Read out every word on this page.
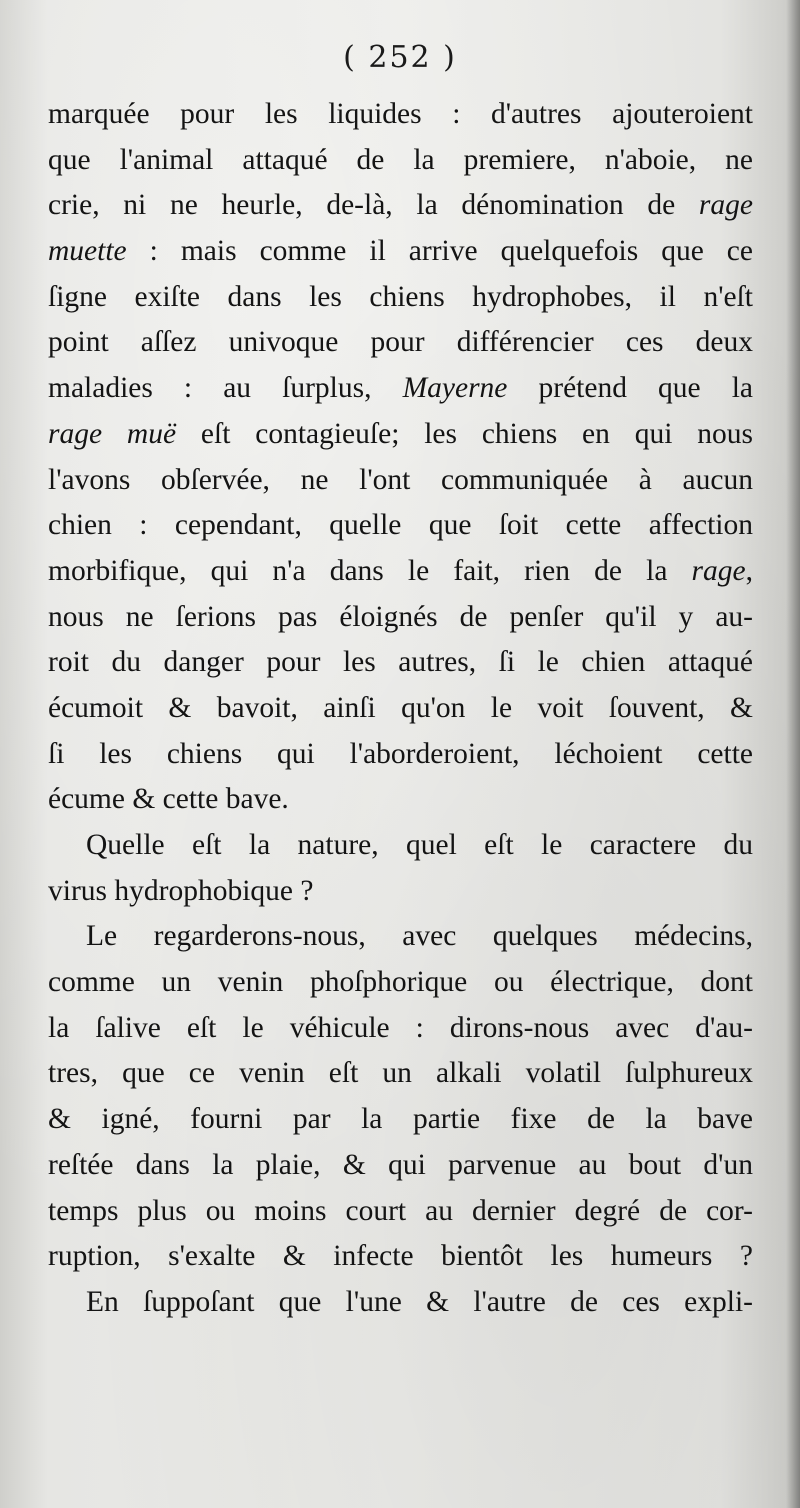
( 252 )
marquée pour les liquides : d'autres ajouteroient
que l'animal attaqué de la premiere, n'aboie, ne
crie, ni ne heurle, de-là, la dénomination de rage
muette : mais comme il arrive quelquefois que ce
ſigne exiſte dans les chiens hydrophobes, il n'eſt
point aſſez univoque pour différencier ces deux
maladies : au ſurplus, Mayerne prétend que la
rage muë eſt contagieuſe; les chiens en qui nous
l'avons obſervée, ne l'ont communiquée à aucun
chien : cependant, quelle que ſoit cette affection
morbifique, qui n'a dans le fait, rien de la rage,
nous ne ſerions pas éloignés de penſer qu'il y au-
roit du danger pour les autres, ſi le chien attaqué
écumoit & bavoit, ainſi qu'on le voit ſouvent, &
ſi les chiens qui l'aborderoient, léchoient cette
écume & cette bave.
Quelle eſt la nature, quel eſt le caractere du
virus hydrophobique ?
Le regarderons-nous, avec quelques médecins,
comme un venin phoſphorique ou électrique, dont
la ſalive eſt le véhicule : dirons-nous avec d'au-
tres, que ce venin eſt un alkali volatil ſulphureux
& igné, fourni par la partie fixe de la bave
reſtée dans la plaie, & qui parvenue au bout d'un
temps plus ou moins court au dernier degré de cor-
ruption, s'exalte & infecte bientôt les humeurs ?
En ſuppoſant que l'une & l'autre de ces expli-
